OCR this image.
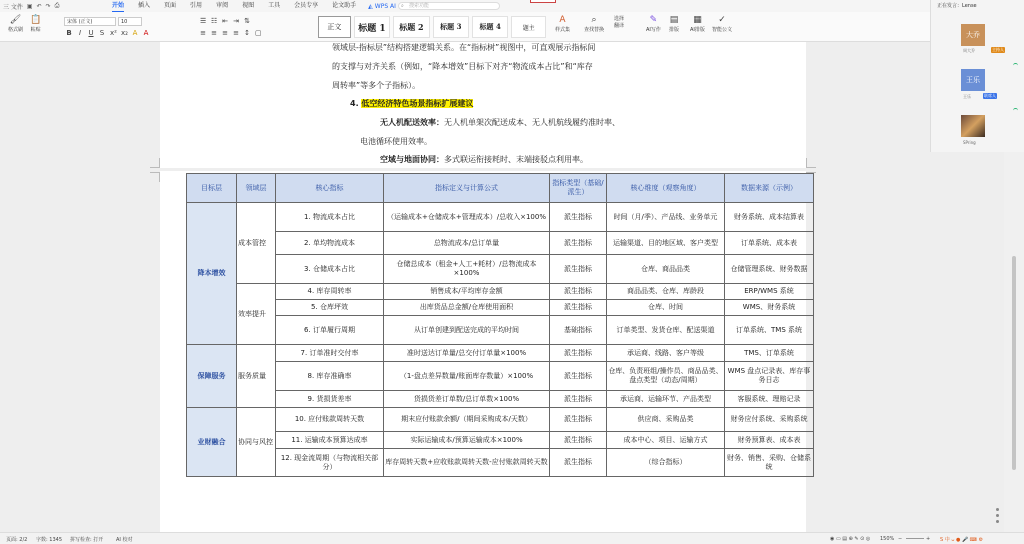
三 文件 ▣ ↶ ↷ ⎙	开始 插入 页面 引用 审阅 视图 工具 会员专享 论文助手 ◭ WPS AI ⌕ 搜索功能
🖌
格式刷
📋
粘贴
宋体 (正文)	10
B I U S x² x₂ A A
☰ ☷ ⇤ ⇥ ⇅
≡ ≡ ≡ ≡ ↕ ▢
正文	标题 1	标题 2	标题 3	标题 4	题主
A
样式集
⌕
查找替换
选择
翻译
✎
AI写作
▤
排版
▦
AI排版
✓
智能公文
领域层-指标层”结构搭建逻辑关系。在“指标树”视图中，可直观展示指标间
的支撑与对齐关系（例如，“降本增效”目标下对齐“物流成本占比”和“库存
周转率”等多个子指标）。
4. 低空经济特色场景指标扩展建议
无人机配送效率：无人机单架次配送成本、无人机航线履约准时率、
电池循环使用效率。
空域与地面协同：多式联运衔接耗时、末端接驳点利用率。
目标层	领域层	核心指标	指标定义与计算公式	指标类型（基础/派生）	核心维度（观察角度）	数据来源（示例）
降本增效	成本管控	1. 物流成本占比	（运输成本+仓储成本+管理成本）/总收入×100%	派生指标	时间（月/季）、产品线、业务单元	财务系统、成本结算表
		2. 单均物流成本	总物流成本/总订单量	派生指标	运输渠道、目的地区域、客户类型	订单系统、成本表
		3. 仓储成本占比	仓储总成本（租金+人工+耗材）/总物流成本×100%	派生指标	仓库、商品品类	仓储管理系统、财务数据
	效率提升	4. 库存周转率	销售成本/平均库存金额	派生指标	商品品类、仓库、库龄段	ERP/WMS 系统
		5. 仓库坪效	出库货品总金额/仓库使用面积	派生指标	仓库、时间	WMS、财务系统
		6. 订单履行周期	从订单创建到配送完成的平均时间	基础指标	订单类型、发货仓库、配送渠道	订单系统、TMS 系统
保障服务	服务质量	7. 订单准时交付率	准时送达订单量/总交付订单量×100%	派生指标	承运商、线路、客户等级	TMS、订单系统
		8. 库存准确率	（1-盘点差异数量/账面库存数量）×100%	派生指标	仓库、负责班组/操作员、商品品类、盘点类型（动态/周期）	WMS 盘点记录表、库存事务日志
		9. 货损货差率	货损货差订单数/总订单数×100%	派生指标	承运商、运输环节、产品类型	客服系统、理赔记录
业财融合	协同与风控	10. 应付账款周转天数	期末应付账款余额/（期间采购成本/天数）	派生指标	供应商、采购品类	财务应付系统、采购系统
		11. 运输成本预算达成率	实际运输成本/预算运输成本×100%	派生指标	成本中心、项目、运输方式	财务预算表、成本表
		12. 现金流周期（与物流相关部分）	库存周转天数+应收账款周转天数-应付账款周转天数	派生指标	（综合指标）	财务、销售、采购、仓储系统
正在发言：Lense
大乔
周大乔	主持人
王乐
王乐	联席人
SPring
页面: 2/2 字数: 1345 拼写检查: 打开	AI 校对	◉ ▭ ▤ ⊕ ✎ ⊙ ◎ 150% −	+ S 中 ᴗ ● 🎤 ⌨ ⚙
